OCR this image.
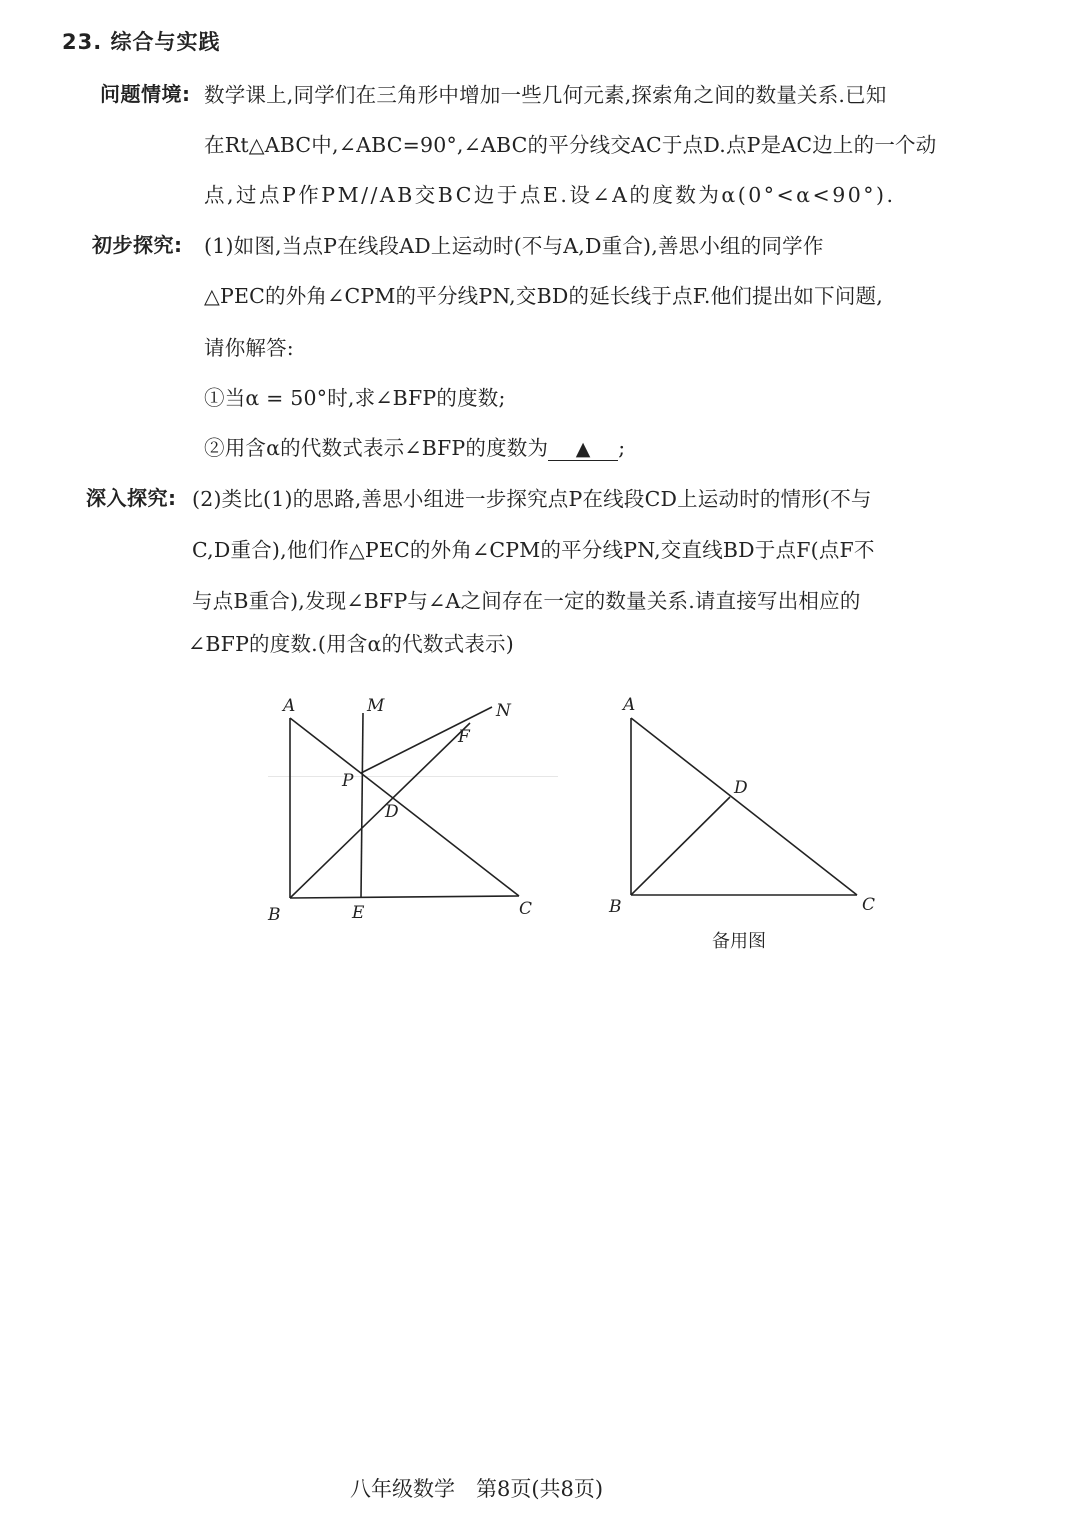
23. 综合与实践
问题情境: 数学课上,同学们在三角形中增加一些几何元素,探索角之间的数量关系.已知
在Rt△ABC中,∠ABC=90°,∠ABC的平分线交AC于点D.点P是AC边上的一个动
点,过点P作PM//AB交BC边于点E.设∠A的度数为α(0°<α<90°).
初步探究: (1)如图,当点P在线段AD上运动时(不与A,D重合),善思小组的同学作
△PEC的外角∠CPM的平分线PN,交BD的延长线于点F.他们提出如下问题,
请你解答:
①当α = 50°时,求∠BFP的度数;
②用含α的代数式表示∠BFP的度数为 ▲ ;
深入探究: (2)类比(1)的思路,善思小组进一步探究点P在线段CD上运动时的情形(不与
C,D重合),他们作△PEC的外角∠CPM的平分线PN,交直线BD于点F(点F不
与点B重合),发现∠BFP与∠A之间存在一定的数量关系.请直接写出相应的
∠BFP的度数.(用含α的代数式表示)
A	M	N
F
P
D
B	E	C
A
D
B	C
备用图
八年级数学　第8页(共8页)
